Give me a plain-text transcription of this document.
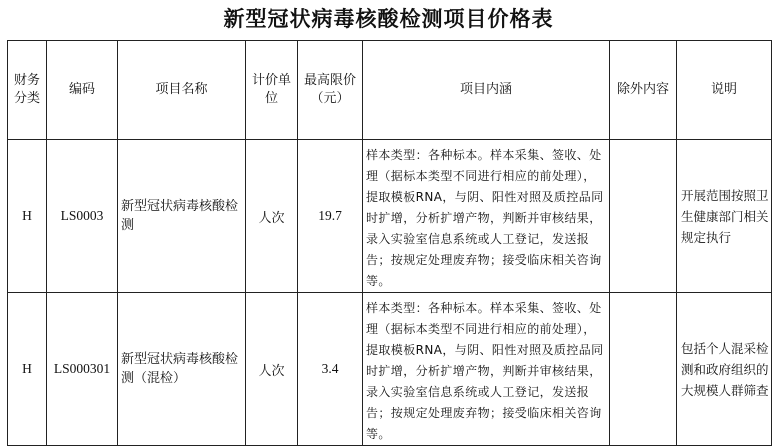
新型冠状病毒核酸检测项目价格表
财务分类	编码	项目名称	计价单位	最高限价（元）	项目内涵	除外内容	说明
H	LS0003	新型冠状病毒核酸检测	人次	19.7	样本类型：各种标本。样本采集、签收、处理（据标本类型不同进行相应的前处理），提取模板RNA，与阴、阳性对照及质控品同时扩增，分析扩增产物，判断并审核结果，录入实验室信息系统或人工登记，发送报告；按规定处理废弃物；接受临床相关咨询等。		开展范围按照卫生健康部门相关规定执行
H	LS000301	新型冠状病毒核酸检测（混检）	人次	3.4	样本类型：各种标本。样本采集、签收、处理（据标本类型不同进行相应的前处理），提取模板RNA，与阴、阳性对照及质控品同时扩增，分析扩增产物，判断并审核结果，录入实验室信息系统或人工登记，发送报告；按规定处理废弃物；接受临床相关咨询等。		包括个人混采检测和政府组织的大规模人群筛查
